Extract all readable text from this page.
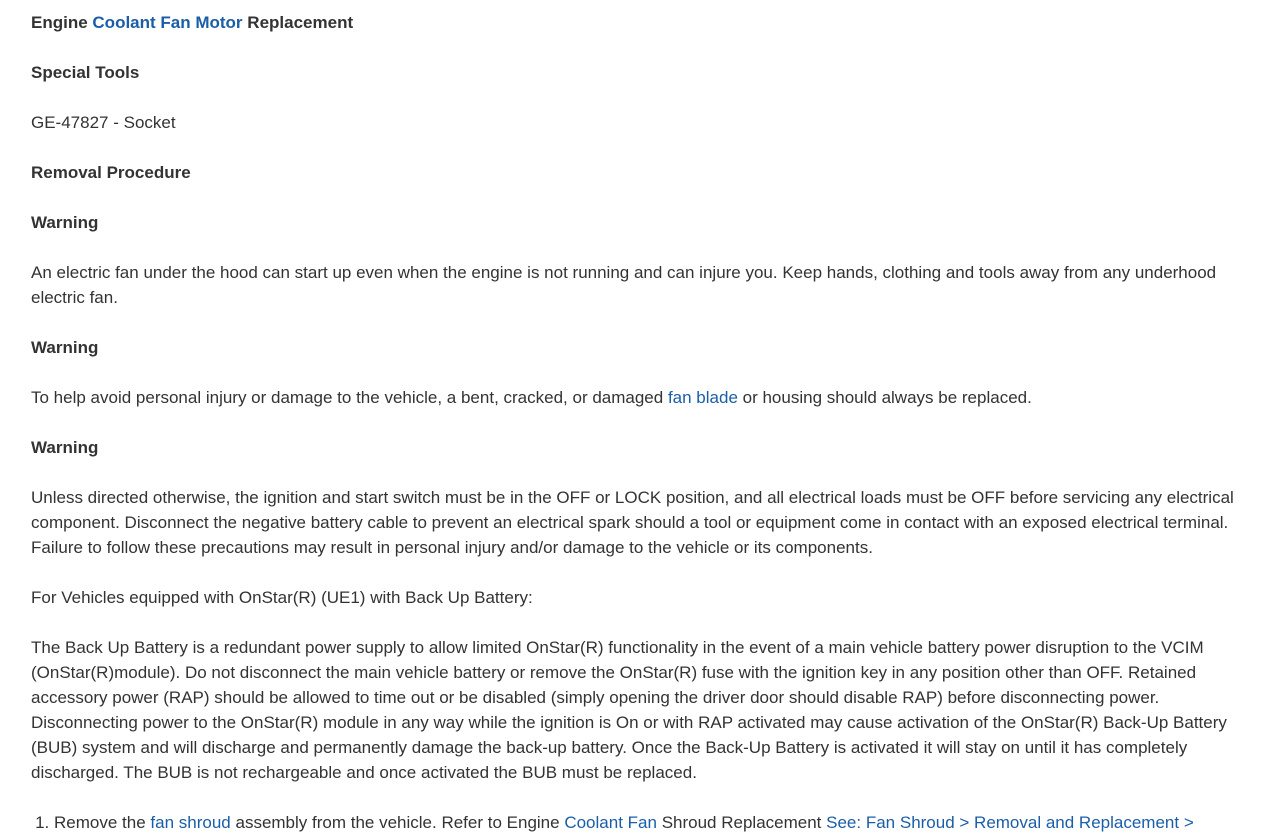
Engine Coolant Fan Motor Replacement

Special Tools

GE-47827 - Socket

Removal Procedure

Warning

An electric fan under the hood can start up even when the engine is not running and can injure you. Keep hands, clothing and tools away from any underhood electric fan.

Warning

To help avoid personal injury or damage to the vehicle, a bent, cracked, or damaged fan blade or housing should always be replaced.

Warning

Unless directed otherwise, the ignition and start switch must be in the OFF or LOCK position, and all electrical loads must be OFF before servicing any electrical component. Disconnect the negative battery cable to prevent an electrical spark should a tool or equipment come in contact with an exposed electrical terminal. Failure to follow these precautions may result in personal injury and/or damage to the vehicle or its components.

For Vehicles equipped with OnStar(R) (UE1) with Back Up Battery:

The Back Up Battery is a redundant power supply to allow limited OnStar(R) functionality in the event of a main vehicle battery power disruption to the VCIM (OnStar(R)module). Do not disconnect the main vehicle battery or remove the OnStar(R) fuse with the ignition key in any position other than OFF. Retained accessory power (RAP) should be allowed to time out or be disabled (simply opening the driver door should disable RAP) before disconnecting power. Disconnecting power to the OnStar(R) module in any way while the ignition is On or with RAP activated may cause activation of the OnStar(R) Back-Up Battery (BUB) system and will discharge and permanently damage the back-up battery. Once the Back-Up Battery is activated it will stay on until it has completely discharged. The BUB is not rechargeable and once activated the BUB must be replaced.

1. Remove the fan shroud assembly from the vehicle. Refer to Engine Coolant Fan Shroud Replacement See: Fan Shroud > Removal and Replacement >
